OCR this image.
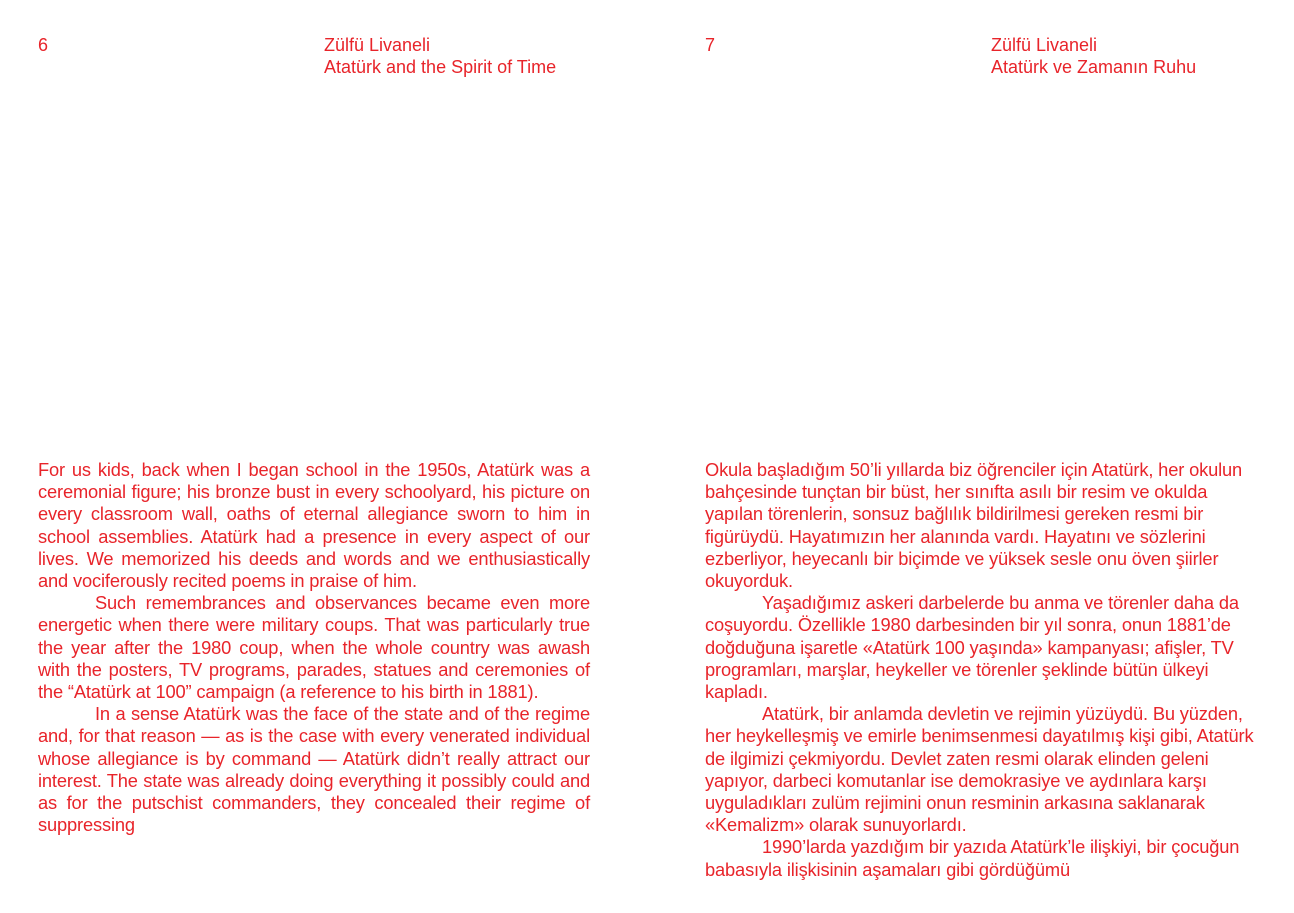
6	Zülfü Livaneli
Atatürk and the Spirit of Time

For us kids, back when I began school in the 1950s, Atatürk was a ceremonial figure; his bronze bust in every schoolyard, his picture on every classroom wall, oaths of eternal allegiance sworn to him in school assemblies. Atatürk had a presence in every aspect of our lives. We memorized his deeds and words and we enthusiastically and vociferously recited poems in praise of him.

Such remembrances and observances became even more energetic when there were military coups. That was particularly true the year after the 1980 coup, when the whole country was awash with the posters, TV programs, parades, statues and ceremonies of the “Atatürk at 100” campaign (a reference to his birth in 1881).

In a sense Atatürk was the face of the state and of the regime and, for that reason — as is the case with every venerated individual whose allegiance is by command — Atatürk didn’t really attract our interest. The state was already doing everything it possibly could and as for the putschist commanders, they concealed their regime of suppressing

7	Zülfü Livaneli
Atatürk ve Zamanın Ruhu

Okula başladığım 50’li yıllarda biz öğrenciler için Atatürk, her okulun bahçesinde tunçtan bir büst, her sınıfta asılı bir resim ve okulda yapılan törenlerin, sonsuz bağlılık bildirilmesi gereken resmi bir figürüydü. Hayatımızın her alanında vardı. Hayatını ve sözlerini ezberliyor, heyecanlı bir biçimde ve yüksek sesle onu öven şiirler okuyorduk.

Yaşadığımız askeri darbelerde bu anma ve törenler daha da coşuyordu. Özellikle 1980 darbesinden bir yıl sonra, onun 1881’de doğduğuna işaretle «Atatürk 100 yaşında» kampanyası; afişler, TV programları, marşlar, heykeller ve törenler şeklinde bütün ülkeyi kapladı.

Atatürk, bir anlamda devletin ve rejimin yüzüydü. Bu yüzden, her heykelleşmiş ve emirle benimsenmesi dayatılmış kişi gibi, Atatürk de ilgimizi çekmiyordu. Devlet zaten resmi olarak elinden geleni yapıyor, darbeci komutanlar ise demokrasiye ve aydınlara karşı uyguladıkları zulüm rejimini onun resminin arkasına saklanarak «Kemalizm» olarak sunuyorlardı.

1990’larda yazdığım bir yazıda Atatürk’le ilişkiyi, bir çocuğun babasıyla ilişkisinin aşamaları gibi gördüğümü
